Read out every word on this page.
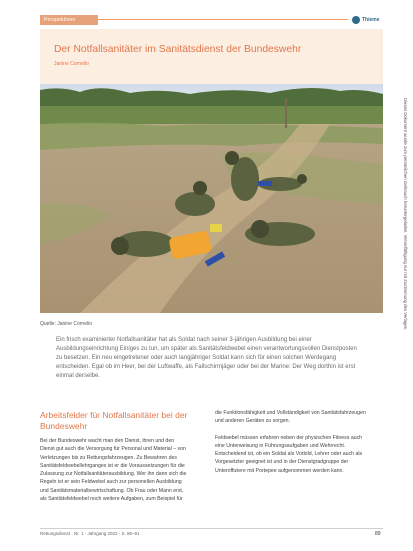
Perspektiven	Thieme
Der Notfallsanitäter im Sanitätsdienst der Bundeswehr
Janine Cornelio
Quelle: Janine Cornelio

Ein frisch examinierter Notfallsanitäter hat als Soldat nach seiner 3-jährigen Ausbildung bei einer Ausbildungseinrichtung Einiges zu tun, um später als Sanitätsfeldwebel einen verantwortungsvollen Dienstposten zu besetzen. Ein neu eingetretener oder auch langjähriger Soldat kann sich für einen solchen Werdegang entscheiden. Egal ob im Heer, bei der Luftwaffe, als Fallschirmjäger oder bei der Marine: Der Weg dorthin ist erst einmal derselbe.

Arbeitsfelder für Notfallsanitäter bei der Bundeswehr

Bei der Bundeswehr wacht man den Dienst, ihren und den Dienst gut auch die Versorgung für Personal und Material – von Verletzungen bis zu Rettungsfahrzeugen. Zu Bewahren des Sanitätsfeldwebellehrganges ist er die Voraussetzungen für die Zulassung zur Notfallsanitäterausbildung. Wer ihn dann sich die Regeln ist er sein Feldwebel auch zur personellen Ausbildung und Sanitätsmaterialbewirtschaftung. Ob Frau oder Mann erst, als Sanitätsfeldwebel noch weitere Aufgaben, zum Beispiel für

die Funktionsfähigkeit und Vollständigkeit von Sanitätsfahrzeugen und anderen Geräten zu sorgen.

Feldwebel müssen erfahren neben der physischen Fitness auch eine Unterweisung in Führungsaufgaben und Wehrrecht. Entscheidend ist, ob ein Soldat als Vorbild, Lehrer oder auch als Vorgesetzter geeignet ist und in der Dienstgradgruppe der Unteroffiziere mit Portepee aufgenommen werden kann.

Rettungsdienst · Nr. 1 · Jahrgang 2022 · S. 86–91	89
Dieses Dokument wurde zum persönlichen Gebrauch heruntergeladen. Vervielfältigung nur mit Zustimmung des Verlages.
